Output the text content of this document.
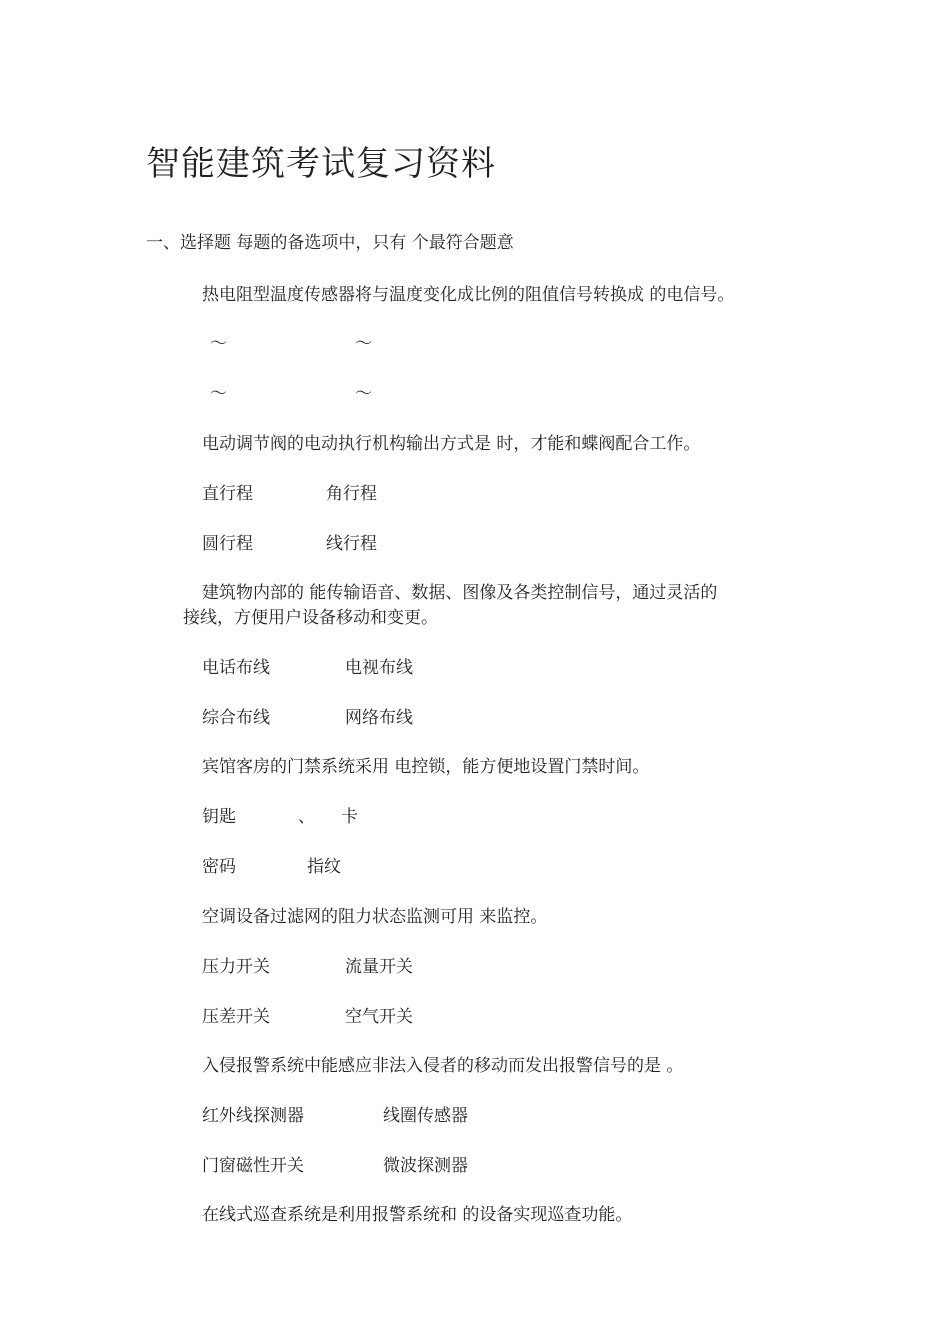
智能建筑考试复习资料
一、选择题 每题的备选项中，只有 个最符合题意
热电阻型温度传感器将与温度变化成比例的阻值信号转换成 的电信号。
～	～
～	～
电动调节阀的电动执行机构输出方式是 时，才能和蝶阀配合工作。
直行程	角行程
圆行程	线行程
建筑物内部的 能传输语音、数据、图像及各类控制信号，通过灵活的
接线，方便用户设备移动和变更。
电话布线	电视布线
综合布线	网络布线
宾馆客房的门禁系统采用 电控锁，能方便地设置门禁时间。
钥匙	、 卡
密码	指纹
空调设备过滤网的阻力状态监测可用 来监控。
压力开关	流量开关
压差开关	空气开关
入侵报警系统中能感应非法入侵者的移动而发出报警信号的是 。
红外线探测器	线圈传感器
门窗磁性开关	微波探测器
在线式巡查系统是利用报警系统和 的设备实现巡查功能。
